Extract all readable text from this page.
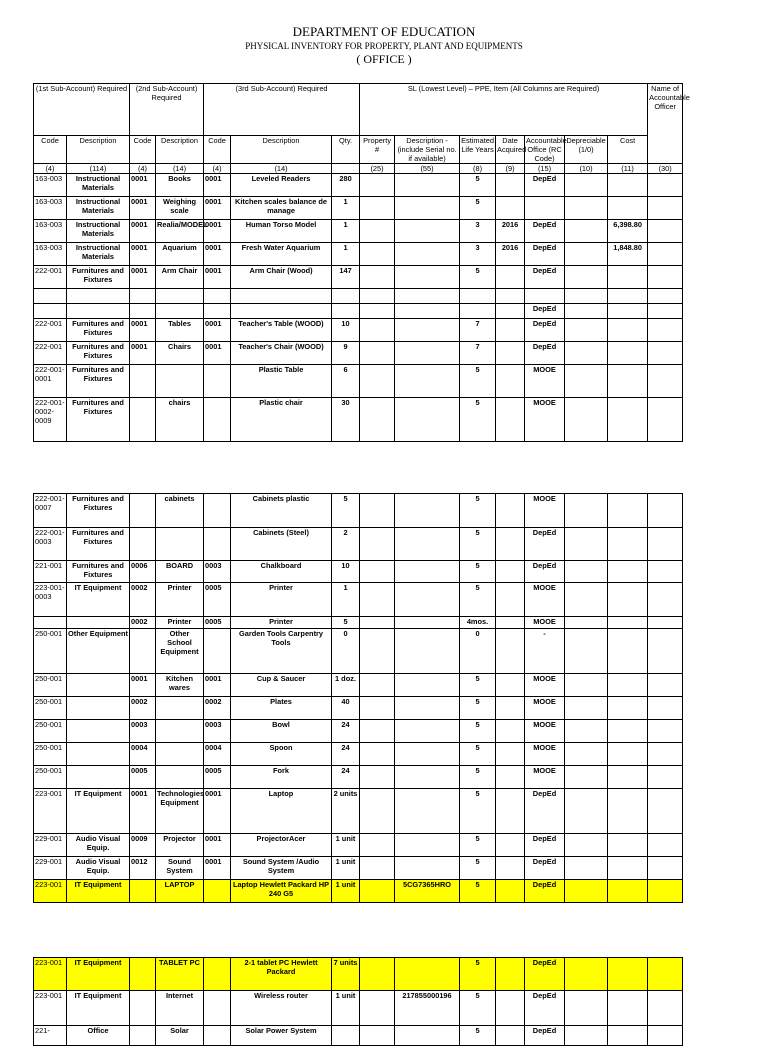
DEPARTMENT OF EDUCATION
PHYSICAL INVENTORY FOR PROPERTY, PLANT AND EQUIPMENTS
( OFFICE )
(1st Sub-Account) Required		(2nd Sub-Account) Required		(3rd Sub-Account) Required			SL (Lowest Level) – PPE, Item (All Columns are Required)							Name of Accountable Officer
Code	Description	Code	Description	Code	Description	Qty.	Property #	Description -(include Serial no. if available)	Estimated Life Years	Date Acquired	Accountable Office (RC Code)	Depreciable (1/0)	Cost	
(4)	(114)	(4)	(14)	(4)	(14)		(25)	(55)	(8)	(9)	(15)	(10)	(11)	(30)
163-003	Instructional Materials	0001	Books	0001	Leveled Readers	280			5		DepEd			
163-003	Instructional Materials	0001	Weighing scale	0001	Kitchen scales balance de manage	1			5					
163-003	Instructional Materials	0001	Realia/MODEL	0001	Human Torso Model	1			3	2016	DepEd		6,398.80	
163-003	Instructional Materials	0001	Aquarium	0001	Fresh Water Aquarium	1			3	2016	DepEd		1,848.80	
222-001	Furnitures and Fixtures	0001	Arm Chair	0001	Arm Chair (Wood)	147			5		DepEd			

											DepEd			
222-001	Furnitures and Fixtures	0001	Tables	0001	Teacher's Table (WOOD)	10			7		DepEd			
222-001	Furnitures and Fixtures	0001	Chairs	0001	Teacher's Chair (WOOD)	9			7		DepEd			
222-001-0001	Furnitures and Fixtures				Plastic Table	6			5		MOOE			
222-001-0002-0009	Furnitures and Fixtures		chairs		Plastic chair	30			5		MOOE			
222-001-0007	Furnitures and Fixtures		cabinets		Cabinets plastic	5			5		MOOE			
222-001-0003	Furnitures and Fixtures				Cabinets (Steel)	2			5		DepEd			
221-001	Furnitures and Fixtures	0006	BOARD	0003	Chalkboard	10			5		DepEd			
223-001-0003	IT Equipment	0002	Printer	0005	Printer	1			5		MOOE			
		0002	Printer	0005	Printer	5			4mos.		MOOE			
250-001	Other Equipment		Other School Equipment		Garden Tools Carpentry Tools	0			0		-			
250-001		0001	Kitchen wares	0001	Cup & Saucer	1 doz.			5		MOOE			
250-001		0002		0002	Plates	40			5		MOOE			
250-001		0003		0003	Bowl	24			5		MOOE			
250-001		0004		0004	Spoon	24			5		MOOE			
250-001		0005		0005	Fork	24			5		MOOE			
223-001	IT Equipment	0001	Technologies Equipment	0001	Laptop	2 units			5		DepEd			
229-001	Audio Visual Equip.	0009	Projector	0001	ProjectorAcer	1 unit			5		DepEd			
229-001	Audio Visual Equip.	0012	Sound System	0001	Sound System /Audio System	1 unit			5		DepEd			
223-001	IT Equipment		LAPTOP		Laptop Hewlett Packard HP 240 G5	1 unit		5CG7365HRO	5		DepEd			
223-001	IT Equipment		TABLET PC		2-1 tablet PC Hewlett Packard	7 units			5		DepEd			
223-001	IT Equipment		Internet		Wireless router	1 unit		217855000196	5		DepEd			
221-	Office		Solar		Solar Power System				5		DepEd			
